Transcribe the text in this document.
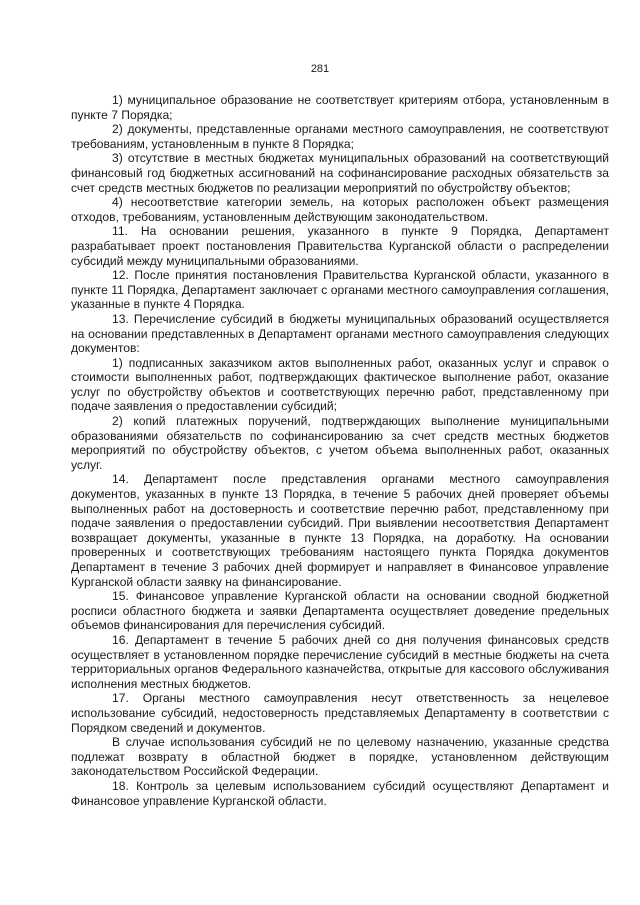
281

1) муниципальное образование не соответствует критериям отбора, установленным в пункте 7 Порядка;

2) документы, представленные органами местного самоуправления, не соответствуют требованиям, установленным в пункте 8 Порядка;

3) отсутствие в местных бюджетах муниципальных образований на соответствующий финансовый год бюджетных ассигнований на софинансирование расходных обязательств за счет средств местных бюджетов по реализации мероприятий по обустройству объектов;

4) несоответствие категории земель, на которых расположен объект размещения отходов, требованиям, установленным действующим законодательством.

11. На основании решения, указанного в пункте 9 Порядка, Департамент разрабатывает проект постановления Правительства Курганской области о распределении субсидий между муниципальными образованиями.

12. После принятия постановления Правительства Курганской области, указанного в пункте 11 Порядка, Департамент заключает с органами местного самоуправления соглашения, указанные в пункте 4 Порядка.

13. Перечисление субсидий в бюджеты муниципальных образований осуществляется на основании представленных в Департамент органами местного самоуправления следующих документов:

1) подписанных заказчиком актов выполненных работ, оказанных услуг и справок о стоимости выполненных работ, подтверждающих фактическое выполнение работ, оказание услуг по обустройству объектов и соответствующих перечню работ, представленному при подаче заявления о предоставлении субсидий;

2) копий платежных поручений, подтверждающих выполнение муниципальными образованиями обязательств по софинансированию за счет средств местных бюджетов мероприятий по обустройству объектов, с учетом объема выполненных работ, оказанных услуг.

14. Департамент после представления органами местного самоуправления документов, указанных в пункте 13 Порядка, в течение 5 рабочих дней проверяет объемы выполненных работ на достоверность и соответствие перечню работ, представленному при подаче заявления о предоставлении субсидий. При выявлении несоответствия Департамент возвращает документы, указанные в пункте 13 Порядка, на доработку. На основании проверенных и соответствующих требованиям настоящего пункта Порядка документов Департамент в течение 3 рабочих дней формирует и направляет в Финансовое управление Курганской области заявку на финансирование.

15. Финансовое управление Курганской области на основании сводной бюджетной росписи областного бюджета и заявки Департамента осуществляет доведение предельных объемов финансирования для перечисления субсидий.

16. Департамент в течение 5 рабочих дней со дня получения финансовых средств осуществляет в установленном порядке перечисление субсидий в местные бюджеты на счета территориальных органов Федерального казначейства, открытые для кассового обслуживания исполнения местных бюджетов.

17. Органы местного самоуправления несут ответственность за нецелевое использование субсидий, недостоверность представляемых Департаменту в соответствии с Порядком сведений и документов.

В случае использования субсидий не по целевому назначению, указанные средства подлежат возврату в областной бюджет в порядке, установленном действующим законодательством Российской Федерации.

18. Контроль за целевым использованием субсидий осуществляют Департамент и Финансовое управление Курганской области.
